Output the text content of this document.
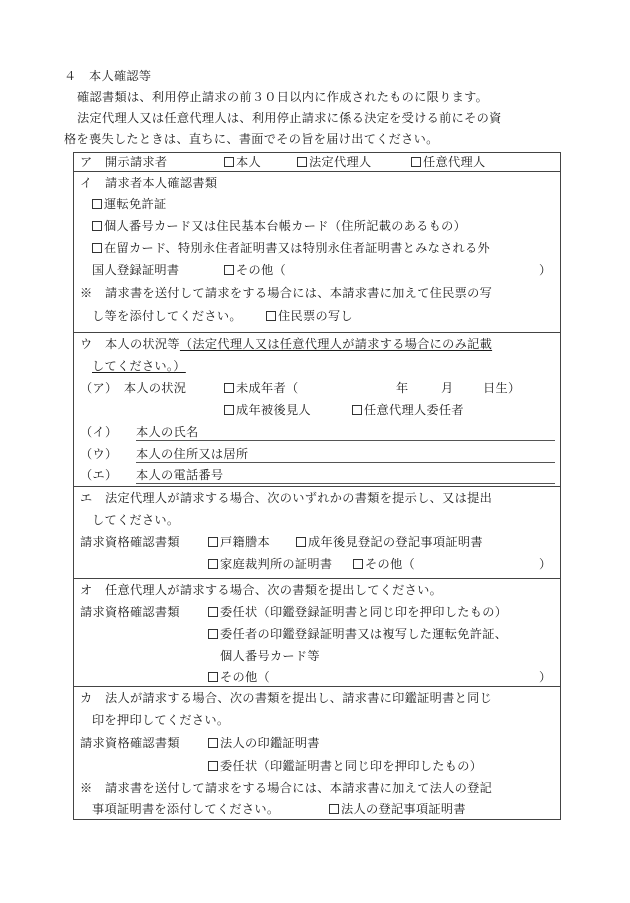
４　本人確認等
確認書類は、利用停止請求の前３０日以内に作成されたものに限ります。
法定代理人又は任意代理人は、利用停止請求に係る決定を受ける前にその資
格を喪失したときは、直ちに、書面でその旨を届け出てください。
ア　開示請求者	本人	法定代理人	任意代理人
イ　請求者本人確認書類
運転免許証
個人番号カード又は住民基本台帳カード（住所記載のあるもの）
在留カード、特別永住者証明書又は特別永住者証明書とみなされる外
国人登録証明書	その他（	）
※　請求書を送付して請求をする場合には、本請求書に加えて住民票の写
し等を添付してください。	住民票の写し
ウ　本人の状況等（法定代理人又は任意代理人が請求する場合にのみ記載
してください。）
（ア）　本人の状況	未成年者（	年	月 日生）
成年被後見人	任意代理人委任者
（イ） 本人の氏名
（ウ） 本人の住所又は居所
（エ） 本人の電話番号
エ　法定代理人が請求する場合、次のいずれかの書類を提示し、又は提出
してください。
請求資格確認書類	戸籍謄本	成年後見登記の登記事項証明書
家庭裁判所の証明書	その他（	）
オ　任意代理人が請求する場合、次の書類を提出してください。
請求資格確認書類	委任状（印鑑登録証明書と同じ印を押印したもの）
委任者の印鑑登録証明書又は複写した運転免許証、
個人番号カード等
その他（	）
カ　法人が請求する場合、次の書類を提出し、請求書に印鑑証明書と同じ
印を押印してください。
請求資格確認書類	法人の印鑑証明書
委任状（印鑑証明書と同じ印を押印したもの）
※　請求書を送付して請求をする場合には、本請求書に加えて法人の登記
事項証明書を添付してください。	法人の登記事項証明書
